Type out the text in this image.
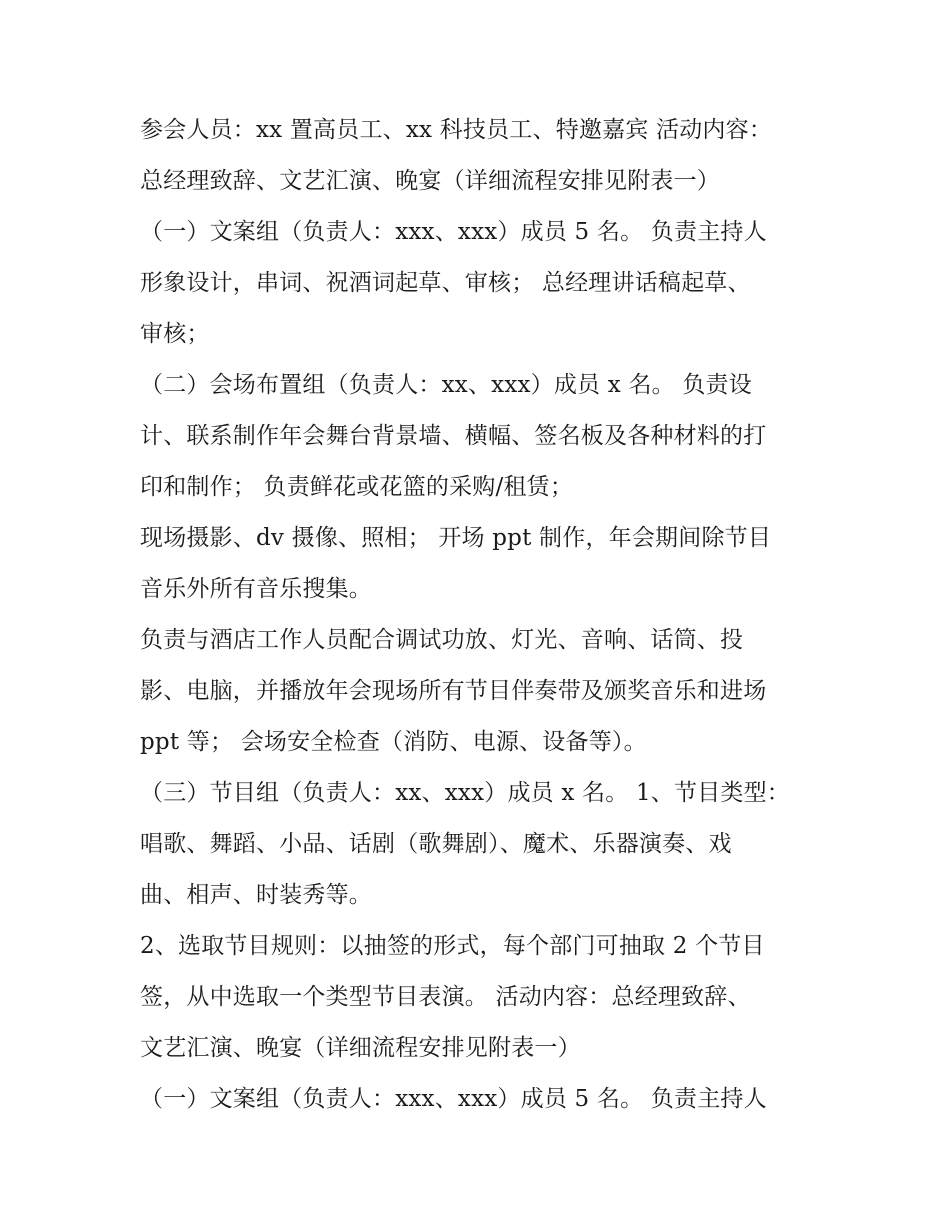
参会人员：xx 置高员工、xx 科技员工、特邀嘉宾 活动内容：
总经理致辞、文艺汇演、晚宴（详细流程安排见附表一）
（一）文案组（负责人：xxx、xxx）成员 5 名。 负责主持人
形象设计，串词、祝酒词起草、审核； 总经理讲话稿起草、
审核；
（二）会场布置组（负责人：xx、xxx）成员 x 名。 负责设
计、联系制作年会舞台背景墙、横幅、签名板及各种材料的打
印和制作； 负责鲜花或花篮的采购/租赁；
现场摄影、dv 摄像、照相； 开场 ppt 制作，年会期间除节目
音乐外所有音乐搜集。
负责与酒店工作人员配合调试功放、灯光、音响、话筒、投
影、电脑，并播放年会现场所有节目伴奏带及颁奖音乐和进场
ppt 等； 会场安全检查（消防、电源、设备等）。
（三）节目组（负责人：xx、xxx）成员 x 名。 1、节目类型：
唱歌、舞蹈、小品、话剧（歌舞剧）、魔术、乐器演奏、戏
曲、相声、时装秀等。
2、选取节目规则：以抽签的形式，每个部门可抽取 2 个节目
签，从中选取一个类型节目表演。 活动内容：总经理致辞、
文艺汇演、晚宴（详细流程安排见附表一）
（一）文案组（负责人：xxx、xxx）成员 5 名。 负责主持人
